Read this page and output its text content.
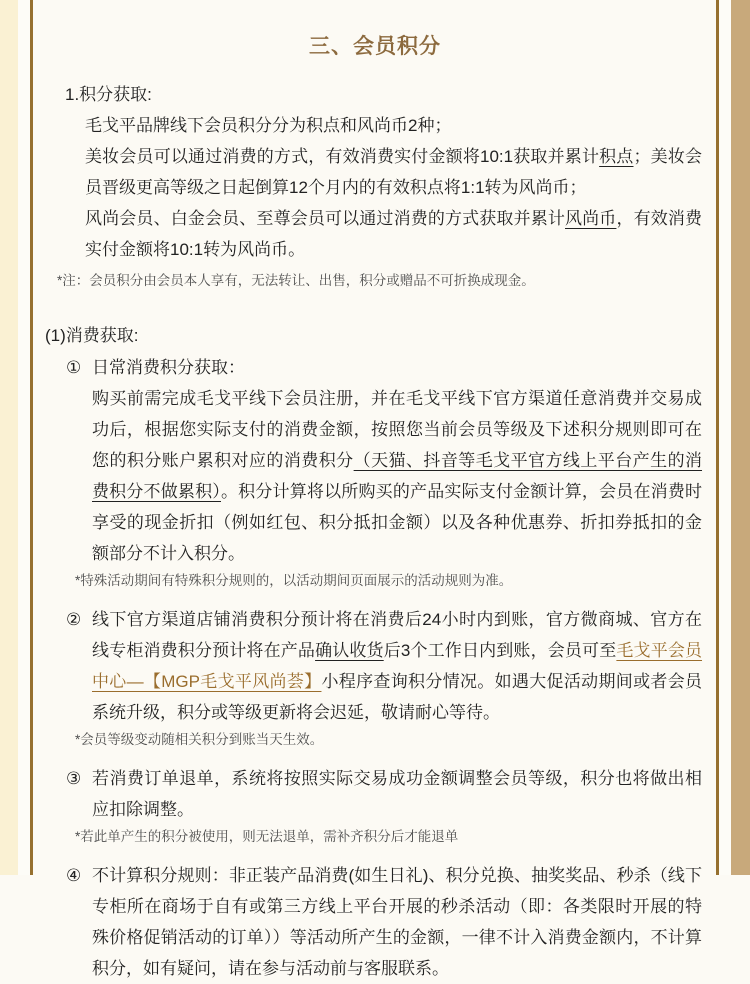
三、会员积分
1.积分获取:
毛戈平品牌线下会员积分分为积点和风尚币2种；
美妆会员可以通过消费的方式，有效消费实付金额将10:1获取并累计积点；美妆会员晋级更高等级之日起倒算12个月内的有效积点将1:1转为风尚币；
风尚会员、白金会员、至尊会员可以通过消费的方式获取并累计风尚币，有效消费实付金额将10:1转为风尚币。
*注：会员积分由会员本人享有，无法转让、出售，积分或赠品不可折换成现金。
(1)消费获取:
① 日常消费积分获取：
购买前需完成毛戈平线下会员注册，并在毛戈平线下官方渠道任意消费并交易成功后，根据您实际支付的消费金额，按照您当前会员等级及下述积分规则即可在您的积分账户累积对应的消费积分（天猫、抖音等毛戈平官方线上平台产生的消费积分不做累积）。积分计算将以所购买的产品实际支付金额计算，会员在消费时享受的现金折扣（例如红包、积分抵扣金额）以及各种优惠券、折扣券抵扣的金额部分不计入积分。
*特殊活动期间有特殊积分规则的，以活动期间页面展示的活动规则为准。
② 线下官方渠道店铺消费积分预计将在消费后24小时内到账，官方微商城、官方在线专柜消费积分预计将在产品确认收货后3个工作日内到账，会员可至毛戈平会员中心—【MGP毛戈平风尚荟】小程序查询积分情况。如遇大促活动期间或者会员系统升级，积分或等级更新将会迟延，敬请耐心等待。
*会员等级变动随相关积分到账当天生效。
③ 若消费订单退单，系统将按照实际交易成功金额调整会员等级，积分也将做出相应扣除调整。
*若此单产生的积分被使用，则无法退单，需补齐积分后才能退单
④ 不计算积分规则：非正装产品消费(如生日礼)、积分兑换、抽奖奖品、秒杀（线下专柜所在商场于自有或第三方线上平台开展的秒杀活动（即：各类限时开展的特殊价格促销活动的订单））等活动所产生的金额，一律不计入消费金额内，不计算积分，如有疑问，请在参与活动前与客服联系。
